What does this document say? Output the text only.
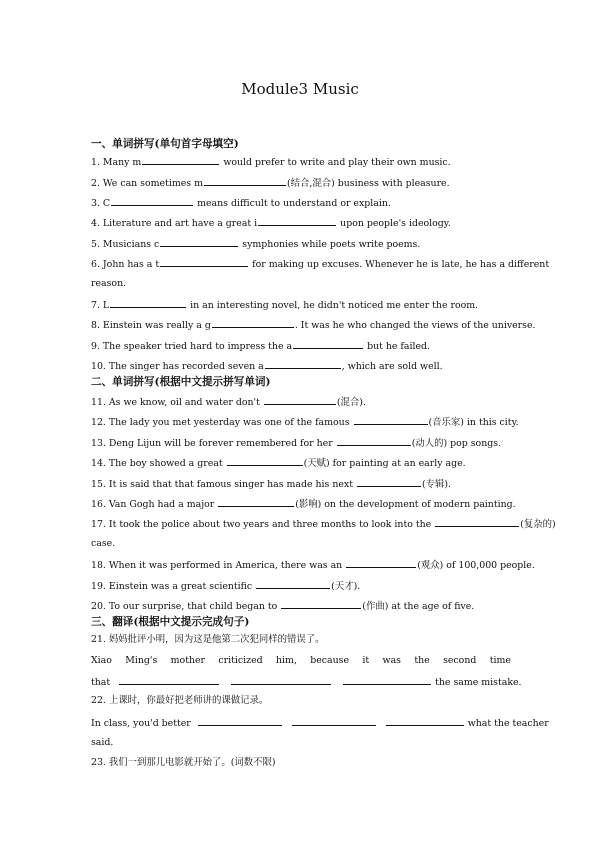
Module3 Music
一、单词拼写(单句首字母填空)
1. Many m	would prefer to write and play their own music.
2. We can sometimes m	(结合,混合) business with pleasure.
3. C	means difficult to understand or explain.
4. Literature and art have a great i	upon people's ideology.
5. Musicians c	symphonies while poets write poems.
6. John has a t	for making up excuses. Whenever he is late, he has a different
reason.
7. L	in an interesting novel, he didn't noticed me enter the room.
8. Einstein was really a g	. It was he who changed the views of the universe.
9. The speaker tried hard to impress the a	but he failed.
10. The singer has recorded seven a	, which are sold well.
二、单词拼写(根据中文提示拼写单词)
11. As we know, oil and water don't	(混合).
12. The lady you met yesterday was one of the famous	(音乐家) in this city.
13. Deng Lijun will be forever remembered for her	(动人的) pop songs.
14. The boy showed a great	(天赋) for painting at an early age.
15. It is said that that famous singer has made his next	(专辑).
16. Van Gogh had a major	(影响) on the development of modern painting.
17. It took the police about two years and three months to look into the	(复杂的)
case.
18. When it was performed in America, there was an	(观众) of 100,000 people.
19. Einstein was a great scientific	(天才).
20. To our surprise, that child began to	(作曲) at the age of five.
三、翻译(根据中文提示完成句子)
21. 妈妈批评小明，因为这是他第二次犯同样的错误了。
Xiao Ming's mother criticized him, because it was the second time
that	the same mistake.
22. 上课时，你最好把老师讲的课做记录。
In class, you'd better	what the teacher
said.
23. 我们一到那儿电影就开始了。(词数不限)
